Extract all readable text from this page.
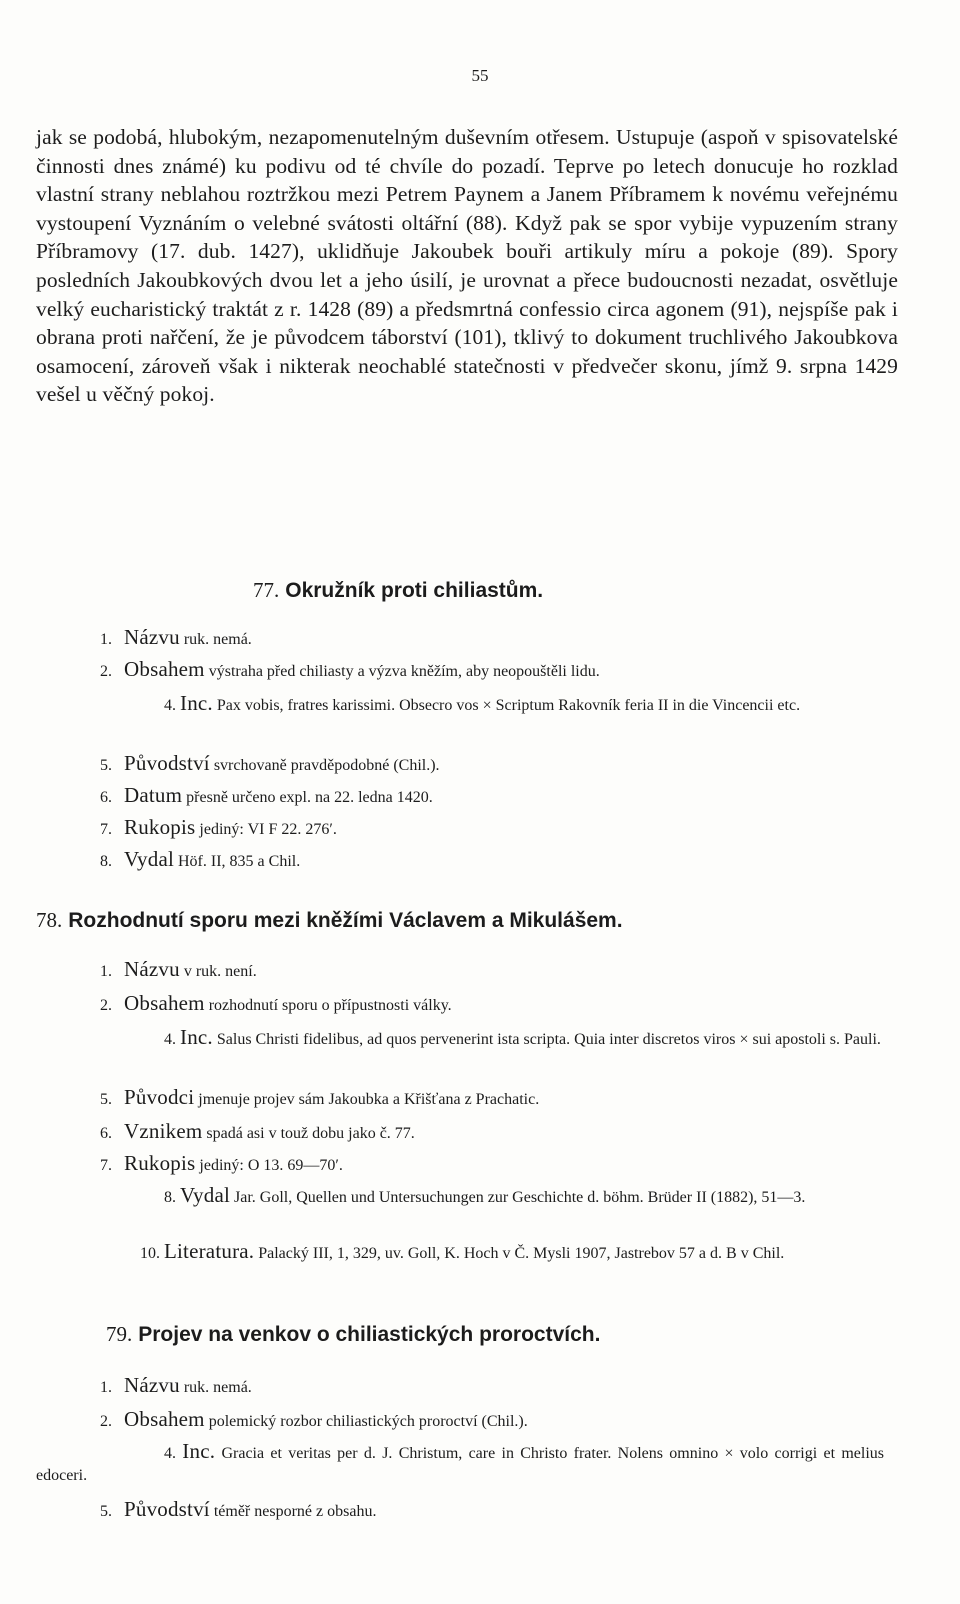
55
jak se podobá, hlubokým, nezapomenutelným duševním otřesem. Ustupuje (aspoň v spisovatelské činnosti dnes známé) ku podivu od té chvíle do pozadí. Teprve po letech donucuje ho rozklad vlastní strany neblahou roztržkou mezi Petrem Paynem a Janem Příbramem k novému veřejnému vystoupení Vyznáním o velebné svátosti oltářní (88). Když pak se spor vybije vypuzením strany Příbramovy (17. dub. 1427), uklidňuje Jakoubek bouři artikuly míru a pokoje (89). Spory posledních Jakoubkových dvou let a jeho úsilí, je urovnat a přece budoucnosti nezadat, osvětluje velký eucharistický traktát z r. 1428 (89) a předsmrtná confessio circa agonem (91), nejspíše pak i obrana proti nařčení, že je původcem táborství (101), tklivý to dokument truchlivého Jakoubkova osamocení, zároveň však i nikterak neochablé statečnosti v předvečer skonu, jímž 9. srpna 1429 vešel u věčný pokoj.
77. Okružník proti chiliastům.
1. Názvu ruk. nemá.
2. Obsahem výstraha před chiliasty a výzva kněžím, aby neopouštěli lidu.
4. Inc. Pax vobis, fratres karissimi. Obsecro vos × Scriptum Rakovník feria II in die Vincencii etc.
5. Původství svrchovaně pravděpodobné (Chil.).
6. Datum přesně určeno expl. na 22. ledna 1420.
7. Rukopis jediný: VI F 22. 276′.
8. Vydal Höf. II, 835 a Chil.
78. Rozhodnutí sporu mezi kněžími Václavem a Mikulášem.
1. Názvu v ruk. není.
2. Obsahem rozhodnutí sporu o přípustnosti války.
4. Inc. Salus Christi fidelibus, ad quos pervenerint ista scripta. Quia inter discretos viros × sui apostoli s. Pauli.
5. Původci jmenuje projev sám Jakoubka a Křišťana z Prachatic.
6. Vznikem spadá asi v touž dobu jako č. 77.
7. Rukopis jediný: O 13. 69—70′.
8. Vydal Jar. Goll, Quellen und Untersuchungen zur Geschichte d. böhm. Brüder II (1882), 51—3.
10. Literatura. Palacký III, 1, 329, uv. Goll, K. Hoch v Č. Mysli 1907, Jastrebov 57 a d. B v Chil.
79. Projev na venkov o chiliastických proroctvích.
1. Názvu ruk. nemá.
2. Obsahem polemický rozbor chiliastických proroctví (Chil.).
4. Inc. Gracia et veritas per d. J. Christum, care in Christo frater. Nolens omnino × volo corrigi et melius edoceri.
5. Původství téměř nesporné z obsahu.
